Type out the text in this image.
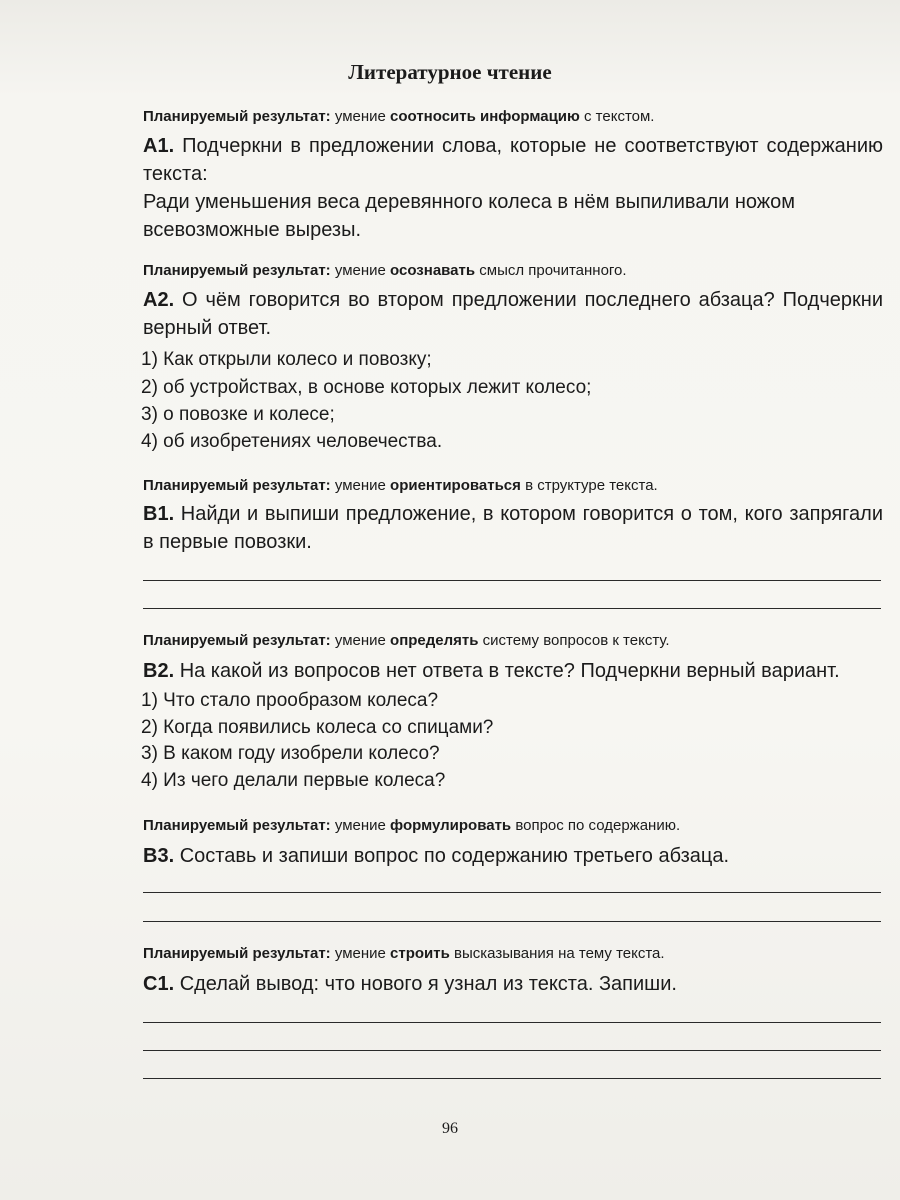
Литературное чтение
Планируемый результат: умение соотносить информацию с текстом.
А1. Подчеркни в предложении слова, которые не соответствуют содержанию текста:
Ради уменьшения веса деревянного колеса в нём выпиливали ножом всевозможные вырезы.
Планируемый результат: умение осознавать смысл прочитанного.
А2. О чём говорится во втором предложении последнего абзаца? Подчеркни верный ответ.
1) Как открыли колесо и повозку;
2) об устройствах, в основе которых лежит колесо;
3) о повозке и колесе;
4) об изобретениях человечества.
Планируемый результат: умение ориентироваться в структуре текста.
В1. Найди и выпиши предложение, в котором говорится о том, кого запрягали в первые повозки.
Планируемый результат: умение определять систему вопросов к тексту.
В2. На какой из вопросов нет ответа в тексте? Подчеркни верный вариант.
1) Что стало прообразом колеса?
2) Когда появились колеса со спицами?
3) В каком году изобрели колесо?
4) Из чего делали первые колеса?
Планируемый результат: умение формулировать вопрос по содержанию.
В3. Составь и запиши вопрос по содержанию третьего абзаца.
Планируемый результат: умение строить высказывания на тему текста.
С1. Сделай вывод: что нового я узнал из текста. Запиши.
96
